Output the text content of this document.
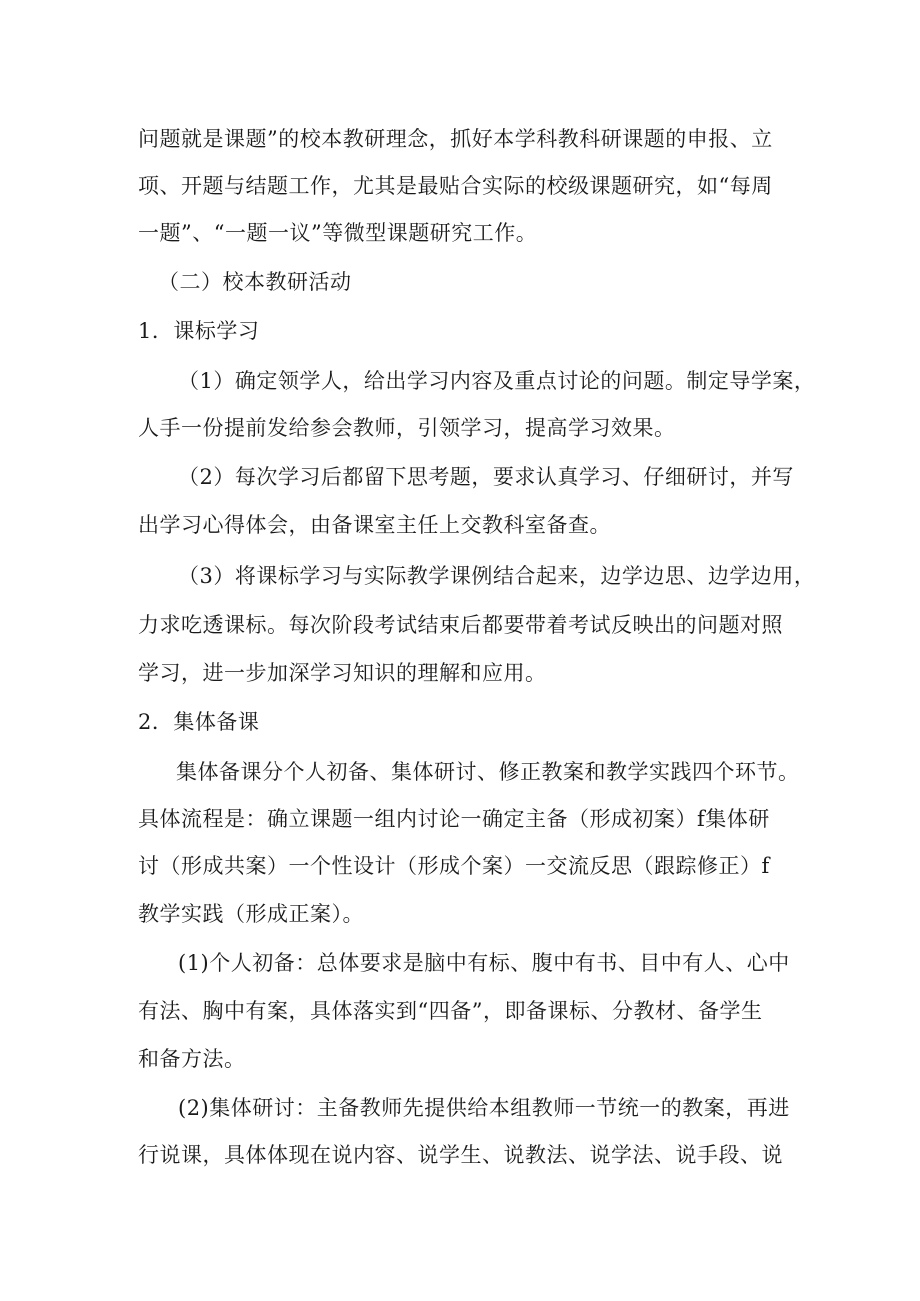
问题就是课题”的校本教研理念，抓好本学科教科研课题的申报、立
项、开题与结题工作，尤其是最贴合实际的校级课题研究，如“每周
一题”、“一题一议”等微型课题研究工作。
（二）校本教研活动
1．课标学习
（1）确定领学人，给出学习内容及重点讨论的问题。制定导学案，
人手一份提前发给参会教师，引领学习，提高学习效果。
（2）每次学习后都留下思考题，要求认真学习、仔细研讨，并写
出学习心得体会，由备课室主任上交教科室备查。
（3）将课标学习与实际教学课例结合起来，边学边思、边学边用，
力求吃透课标。每次阶段考试结束后都要带着考试反映出的问题对照
学习，进一步加深学习知识的理解和应用。
2．集体备课
集体备课分个人初备、集体研讨、修正教案和教学实践四个环节。
具体流程是：确立课题一组内讨论一确定主备（形成初案）f集体研
讨（形成共案）一个性设计（形成个案）一交流反思（跟踪修正）f
教学实践（形成正案）。
(1)个人初备：总体要求是脑中有标、腹中有书、目中有人、心中
有法、胸中有案，具体落实到“四备”，即备课标、分教材、备学生
和备方法。
(2)集体研讨：主备教师先提供给本组教师一节统一的教案，再进
行说课，具体体现在说内容、说学生、说教法、说学法、说手段、说
